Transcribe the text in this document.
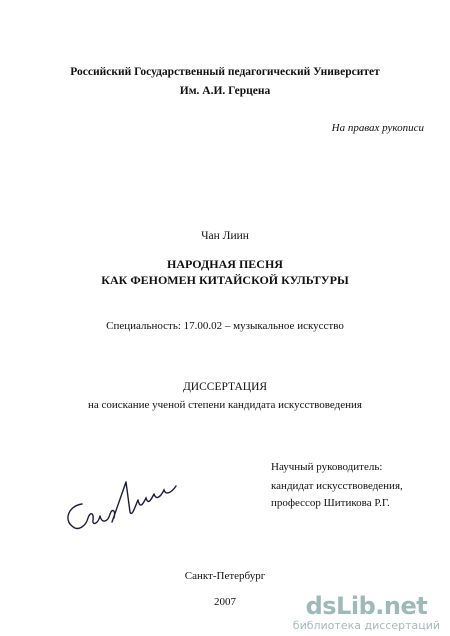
Российский Государственный педагогический Университет
Им. А.И. Герцена
На правах рукописи
Чан Лиин
НАРОДНАЯ ПЕСНЯ
КАК ФЕНОМЕН КИТАЙСКОЙ КУЛЬТУРЫ
Специальность: 17.00.02 – музыкальное искусство
ДИССЕРТАЦИЯ
на соискание ученой степени кандидата искусствоведения
Научный руководитель:
кандидат искусствоведения,
профессор Шитикова Р.Г.
Санкт-Петербург
2007	dsLib.net
библиотека диссертаций
